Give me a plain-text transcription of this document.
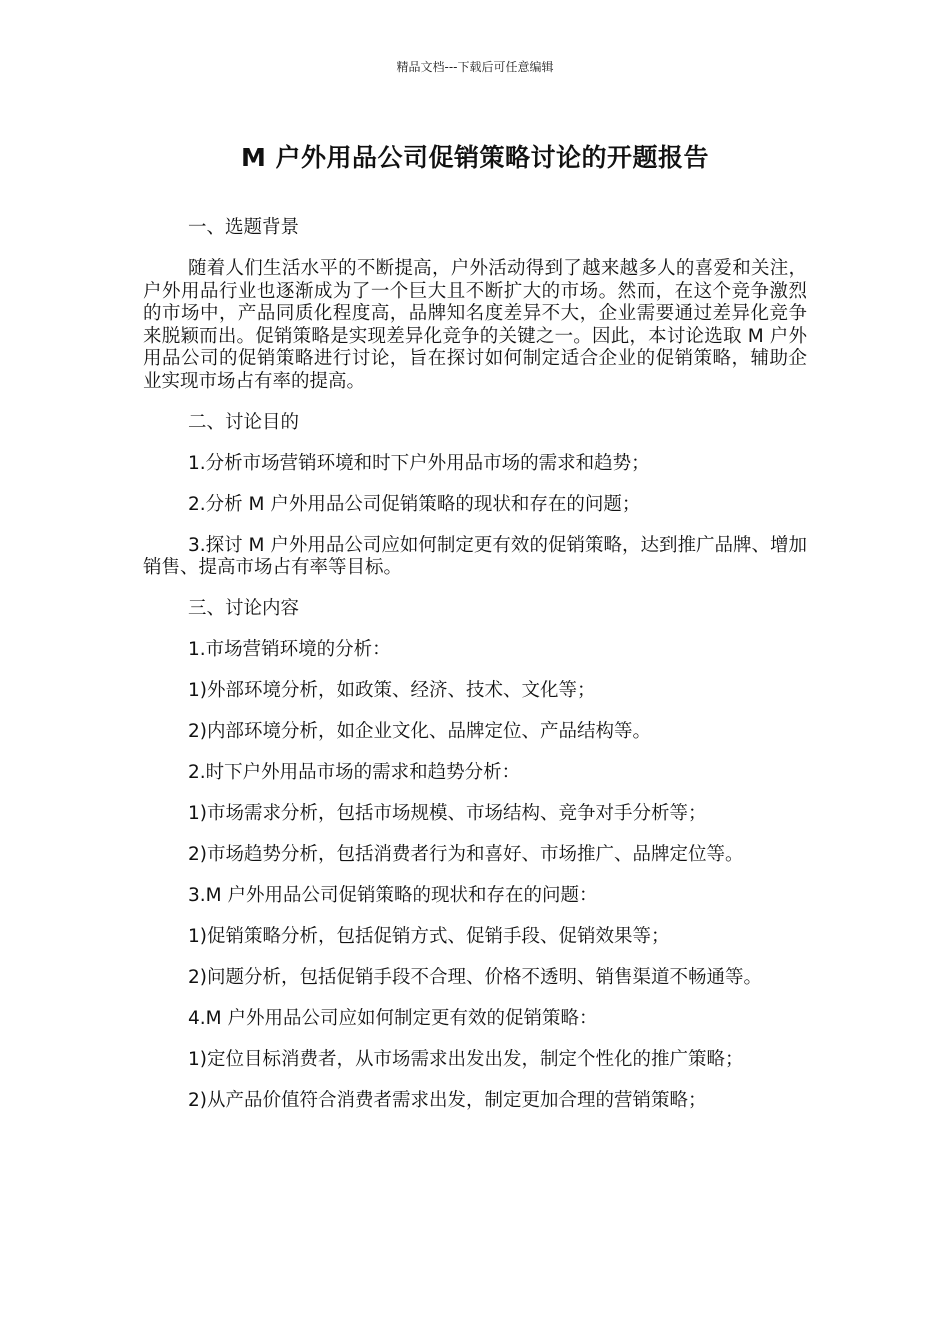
精品文档---下载后可任意编辑
M 户外用品公司促销策略讨论的开题报告

一、选题背景

随着人们生活水平的不断提高，户外活动得到了越来越多人的喜爱和关注，户外用品行业也逐渐成为了一个巨大且不断扩大的市场。然而，在这个竞争激烈的市场中，产品同质化程度高，品牌知名度差异不大，企业需要通过差异化竞争来脱颖而出。促销策略是实现差异化竞争的关键之一。因此，本讨论选取 M 户外用品公司的促销策略进行讨论，旨在探讨如何制定适合企业的促销策略，辅助企业实现市场占有率的提高。

二、讨论目的

1.分析市场营销环境和时下户外用品市场的需求和趋势；

2.分析 M 户外用品公司促销策略的现状和存在的问题；

3.探讨 M 户外用品公司应如何制定更有效的促销策略，达到推广品牌、增加销售、提高市场占有率等目标。

三、讨论内容

1.市场营销环境的分析：

1)外部环境分析，如政策、经济、技术、文化等；

2)内部环境分析，如企业文化、品牌定位、产品结构等。

2.时下户外用品市场的需求和趋势分析：

1)市场需求分析，包括市场规模、市场结构、竞争对手分析等；

2)市场趋势分析，包括消费者行为和喜好、市场推广、品牌定位等。

3.M 户外用品公司促销策略的现状和存在的问题：

1)促销策略分析，包括促销方式、促销手段、促销效果等；

2)问题分析，包括促销手段不合理、价格不透明、销售渠道不畅通等。

4.M 户外用品公司应如何制定更有效的促销策略：

1)定位目标消费者，从市场需求出发出发，制定个性化的推广策略；

2)从产品价值符合消费者需求出发，制定更加合理的营销策略；
